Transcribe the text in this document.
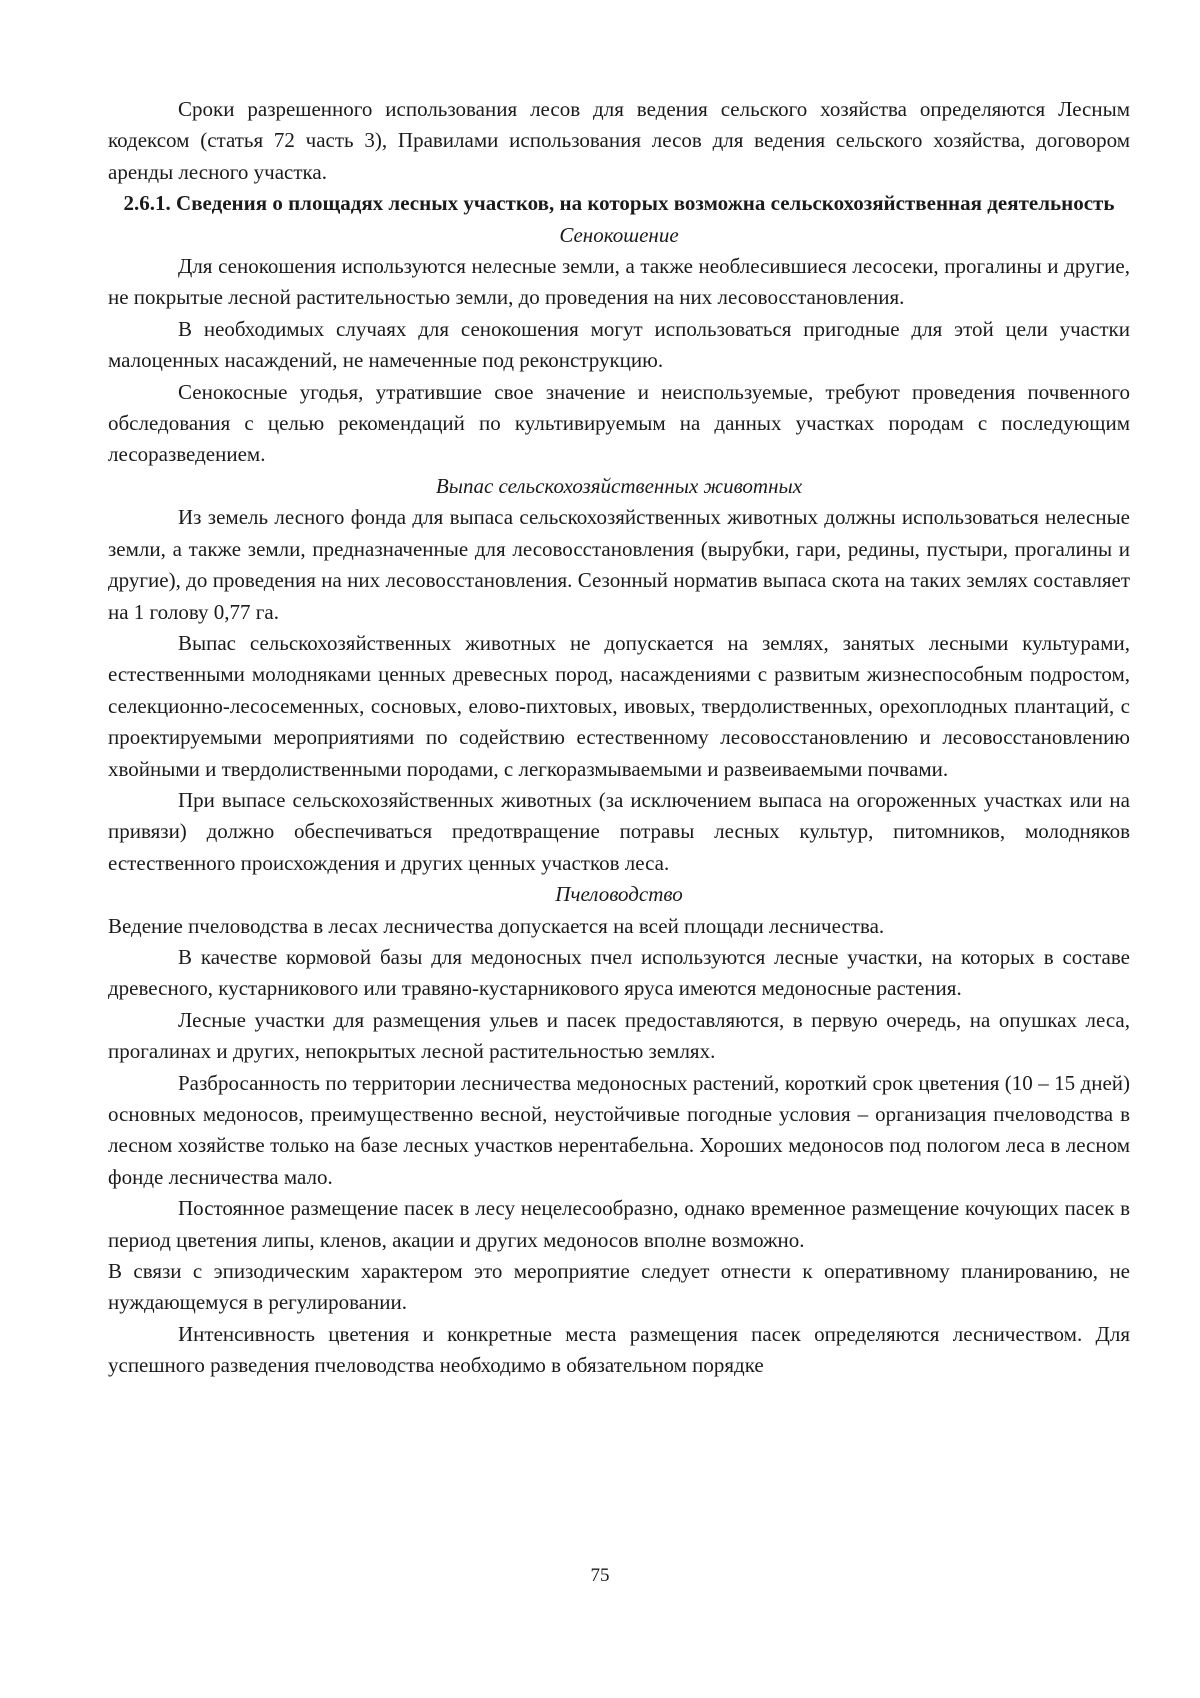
Сроки разрешенного использования лесов для ведения сельского хозяйства определяются Лесным кодексом (статья 72 часть 3), Правилами использования лесов для ведения сельского хозяйства, договором аренды лесного участка.

2.6.1. Сведения о площадях лесных участков, на которых возможна сельскохозяйственная деятельность

Сенокошение

Для сенокошения используются нелесные земли, а также необлесившиеся лесосеки, прогалины и другие, не покрытые лесной растительностью земли, до проведения на них лесовосстановления.

В необходимых случаях для сенокошения могут использоваться пригодные для этой цели участки малоценных насаждений, не намеченные под реконструкцию.

Сенокосные угодья, утратившие свое значение и неиспользуемые, требуют проведения почвенного обследования с целью рекомендаций по культивируемым на данных участках породам с последующим лесоразведением.

Выпас сельскохозяйственных животных

Из земель лесного фонда для выпаса сельскохозяйственных животных должны использоваться нелесные земли, а также земли, предназначенные для лесовосстановления (вырубки, гари, редины, пустыри, прогалины и другие), до проведения на них лесовосстановления. Сезонный норматив выпаса скота на таких землях составляет на 1 голову 0,77 га.

Выпас сельскохозяйственных животных не допускается на землях, занятых лесными культурами, естественными молодняками ценных древесных пород, насаждениями с развитым жизнеспособным подростом, селекционно-лесосеменных, сосновых, елово-пихтовых, ивовых, твердолиственных, орехоплодных плантаций, с проектируемыми мероприятиями по содействию естественному лесовосстановлению и лесовосстановлению хвойными и твердолиственными породами, с легкоразмываемыми и развеиваемыми почвами.

При выпасе сельскохозяйственных животных (за исключением выпаса на огороженных участках или на привязи) должно обеспечиваться предотвращение потравы лесных культур, питомников, молодняков естественного происхождения и других ценных участков леса.

Пчеловодство

Ведение пчеловодства в лесах лесничества допускается на всей площади лесничества.

В качестве кормовой базы для медоносных пчел используются лесные участки, на которых в составе древесного, кустарникового или травяно-кустарникового яруса имеются медоносные растения.

Лесные участки для размещения ульев и пасек предоставляются, в первую очередь, на опушках леса, прогалинах и других, непокрытых лесной растительностью землях.

Разбросанность по территории лесничества медоносных растений, короткий срок цветения (10 – 15 дней) основных медоносов, преимущественно весной, неустойчивые погодные условия – организация пчеловодства в лесном хозяйстве только на базе лесных участков нерентабельна. Хороших медоносов под пологом леса в лесном фонде лесничества мало.

Постоянное размещение пасек в лесу нецелесообразно, однако временное размещение кочующих пасек в период цветения липы, кленов, акации и других медоносов вполне возможно.

В связи с эпизодическим характером это мероприятие следует отнести к оперативному планированию, не нуждающемуся в регулировании.

Интенсивность цветения и конкретные места размещения пасек определяются лесничеством. Для успешного разведения пчеловодства необходимо в обязательном порядке

75
